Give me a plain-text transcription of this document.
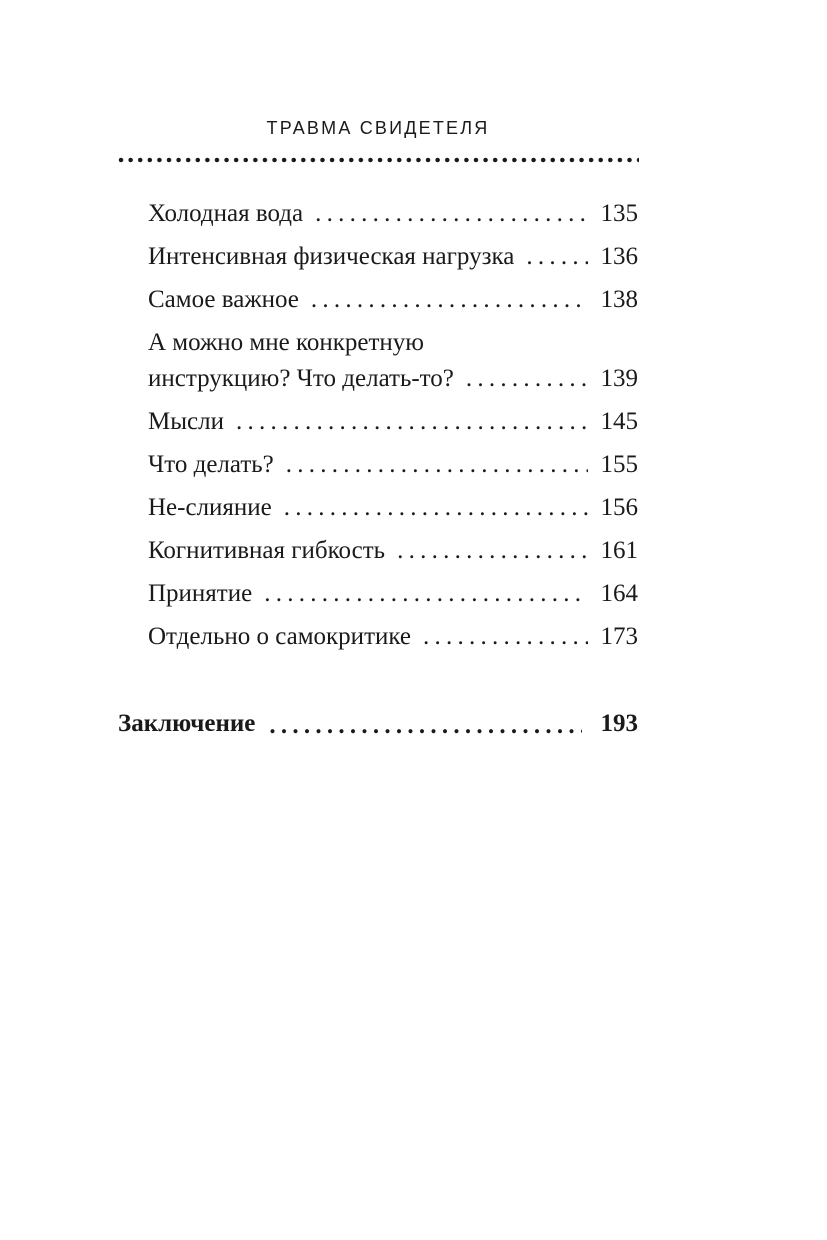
ТРАВМА СВИДЕТЕЛЯ
Холодная вода . . .	135
Интенсивная физическая нагрузка . . .	136
Самое важное . . .	138
А можно мне конкретную
инструкцию? Что делать-то? . . .	139
Мысли . . .	145
Что делать? . . .	155
Не-слияние . . .	156
Когнитивная гибкость . . .	161
Принятие . . .	164
Отдельно о самокритике . . .	173
Заключение . . .	193
